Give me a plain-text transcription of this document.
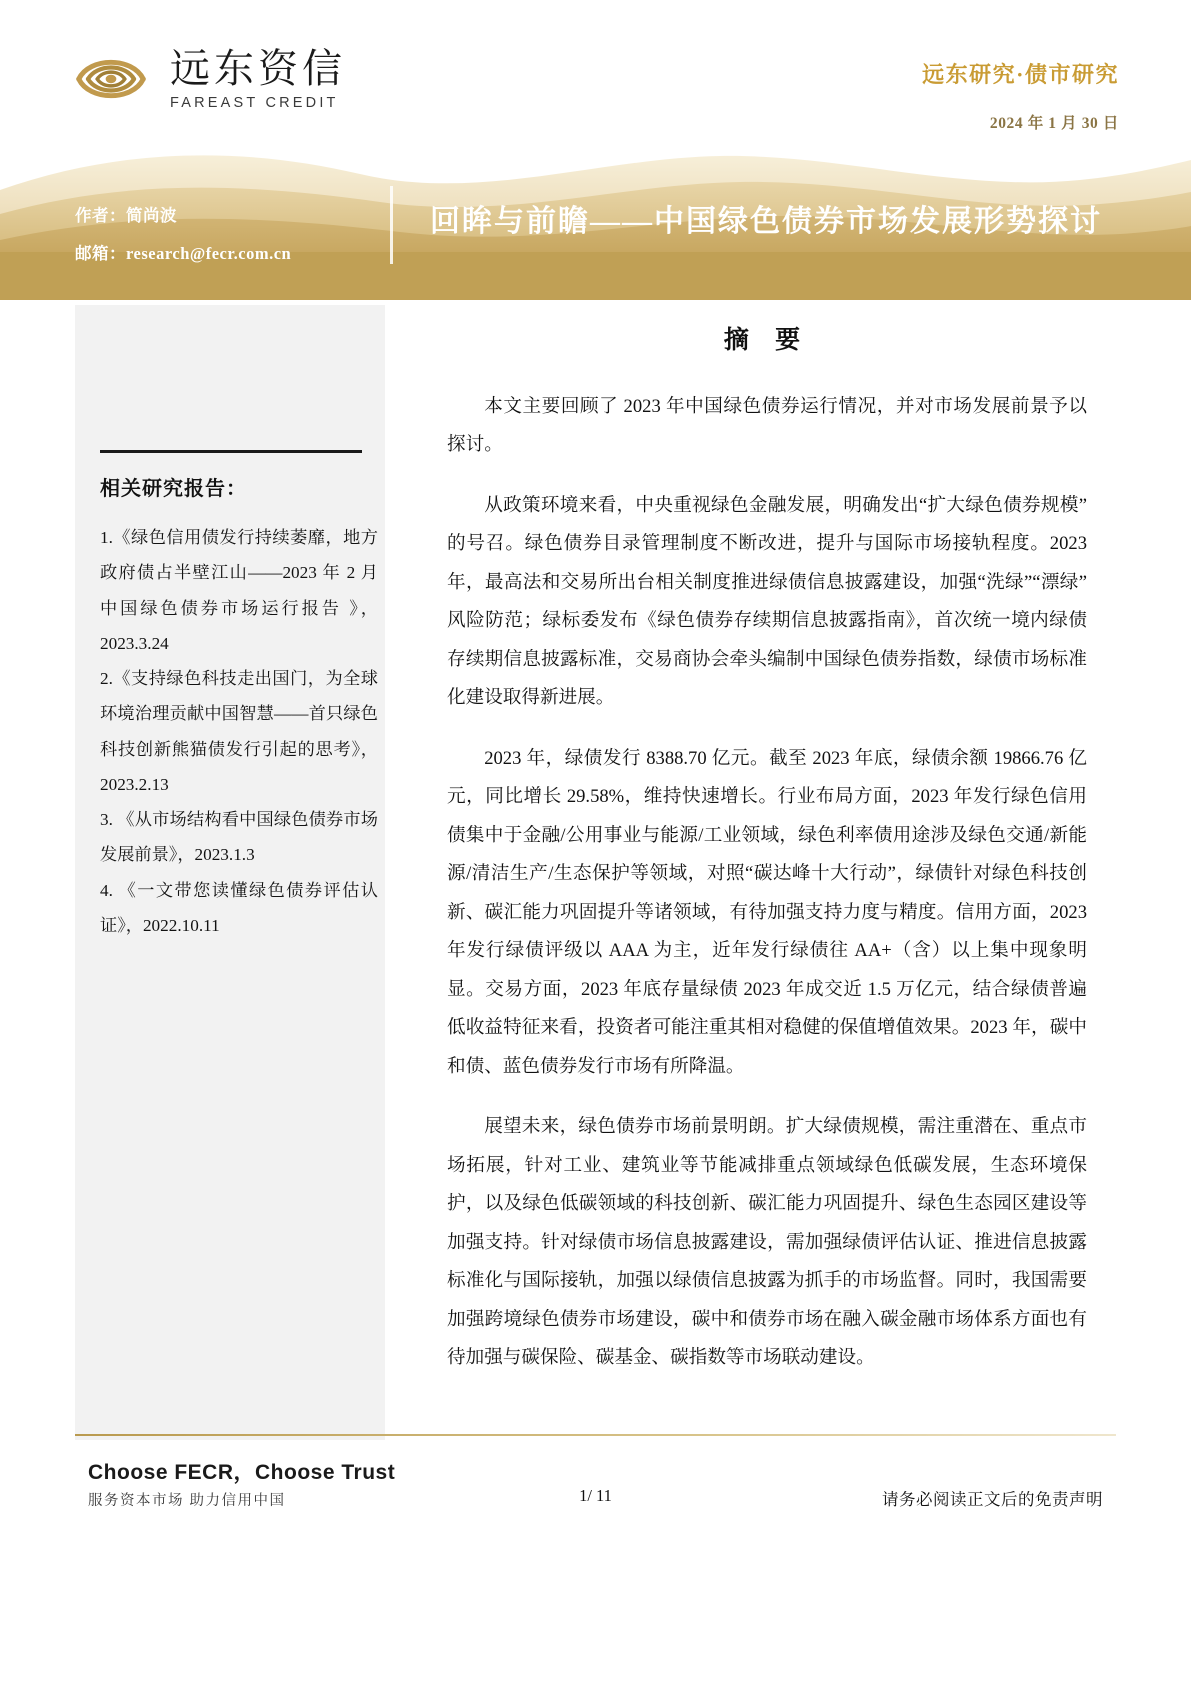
远东资信
FAREAST CREDIT
远东研究·债市研究
2024 年 1 月 30 日
作者：简尚波
邮箱：research@fecr.com.cn
回眸与前瞻——中国绿色债券市场发展形势探讨
相关研究报告：

1.《绿色信用债发行持续萎靡，地方政府债占半壁江山——2023 年 2 月中国绿色债券市场运行报告 》， 2023.3.24

2.《支持绿色科技走出国门，为全球环境治理贡献中国智慧——首只绿色科技创新熊猫债发行引起的思考》，2023.2.13

3. 《从市场结构看中国绿色债券市场发展前景》，2023.1.3

4. 《一文带您读懂绿色债券评估认证》，2022.10.11

摘 要

本文主要回顾了 2023 年中国绿色债券运行情况，并对市场发展前景予以探讨。

从政策环境来看，中央重视绿色金融发展，明确发出“扩大绿色债券规模”的号召。绿色债券目录管理制度不断改进，提升与国际市场接轨程度。2023 年，最高法和交易所出台相关制度推进绿债信息披露建设，加强“洗绿”“漂绿”风险防范；绿标委发布《绿色债券存续期信息披露指南》，首次统一境内绿债存续期信息披露标准，交易商协会牵头编制中国绿色债券指数，绿债市场标准化建设取得新进展。

2023 年，绿债发行 8388.70 亿元。截至 2023 年底，绿债余额 19866.76 亿元，同比增长 29.58%，维持快速增长。行业布局方面，2023 年发行绿色信用债集中于金融/公用事业与能源/工业领域，绿色利率债用途涉及绿色交通/新能源/清洁生产/生态保护等领域，对照“碳达峰十大行动”，绿债针对绿色科技创新、碳汇能力巩固提升等诸领域，有待加强支持力度与精度。信用方面，2023 年发行绿债评级以 AAA 为主，近年发行绿债往 AA+（含）以上集中现象明显。交易方面，2023 年底存量绿债 2023 年成交近 1.5 万亿元，结合绿债普遍低收益特征来看，投资者可能注重其相对稳健的保值增值效果。2023 年，碳中和债、蓝色债券发行市场有所降温。

展望未来，绿色债券市场前景明朗。扩大绿债规模，需注重潜在、重点市场拓展，针对工业、建筑业等节能减排重点领域绿色低碳发展，生态环境保护，以及绿色低碳领域的科技创新、碳汇能力巩固提升、绿色生态园区建设等加强支持。针对绿债市场信息披露建设，需加强绿债评估认证、推进信息披露标准化与国际接轨，加强以绿债信息披露为抓手的市场监督。同时，我国需要加强跨境绿色债券市场建设，碳中和债券市场在融入碳金融市场体系方面也有待加强与碳保险、碳基金、碳指数等市场联动建设。

Choose FECR，Choose Trust
服务资本市场 助力信用中国	1/ 11	请务必阅读正文后的免责声明
